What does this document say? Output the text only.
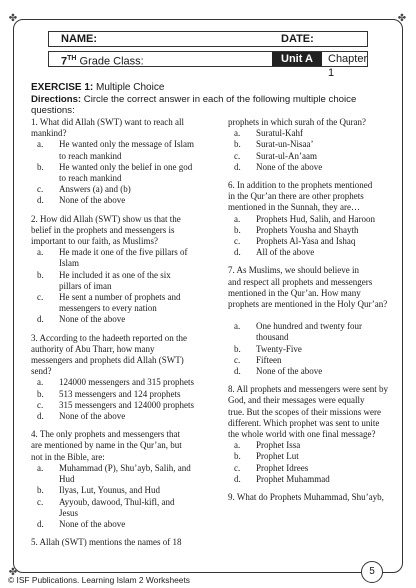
✤	✤
✤
NAME:	DATE:
7TH Grade Class:	Unit A	Chapter 1
EXERCISE 1: Multiple Choice
Directions: Circle the correct answer in each of the following multiple choice questions:

1. What did Allah (SWT) want to reach all
mankind?

a. He wanted only the message of Islam
to reach mankind

b. He wanted only the belief in one god
to reach mankind

c. Answers (a) and (b)

d. None of the above

2. How did Allah (SWT) show us that the
belief in the prophets and messengers is
important to our faith, as Muslims?

a. He made it one of the five pillars of
Islam

b. He included it as one of the six
pillars of iman

c. He sent a number of prophets and
messengers to every nation

d. None of the above

3. According to the hadeeth reported on the
authority of Abu Tharr, how many
messengers and prophets did Allah (SWT)
send?

a. 124000 messengers and 315 prophets

b. 513 messengers and 124 prophets

c. 315 messengers and 124000 prophets

d. None of the above

4. The only prophets and messengers that
are mentioned by name in the Qur’an, but
not in the Bible, are:

a. Muhammad (P), Shu’ayb, Salih, and
Hud

b. Ilyas, Lut, Younus, and Hud

c. Ayyoub, dawood, Thul-kifl, and
Jesus

d. None of the above

5. Allah (SWT) mentions the names of 18

prophets in which surah of the Quran?

a. Suratul-Kahf

b. Surat-un-Nisaa’

c. Surat-ul-An’aam

d. None of the above

6. In addition to the prophets mentioned
in the Qur’an there are other prophets
mentioned in the Sunnah, they are…

a. Prophets Hud, Salih, and Haroon

b. Prophets Yousha and Shayth

c. Prophets Al-Yasa and Ishaq

d. All of the above

7. As Muslims, we should believe in
and respect all prophets and messengers
mentioned in the Qur’an. How many
prophets are mentioned in the Holy Qur’an?

a. One hundred and twenty four
thousand

b. Twenty-Five

c. Fifteen

d. None of the above

8. All prophets and messengers were sent by
God, and their messages were equally
true. But the scopes of their missions were
different. Which prophet was sent to unite
the whole world with one final message?

a. Prophet Issa

b. Prophet Lut

c. Prophet Idrees

d. Prophet Muhammad

9. What do Prophets Muhammad, Shu’ayb,

5
© ISF Publications. Learning Islam 2 Worksheets
